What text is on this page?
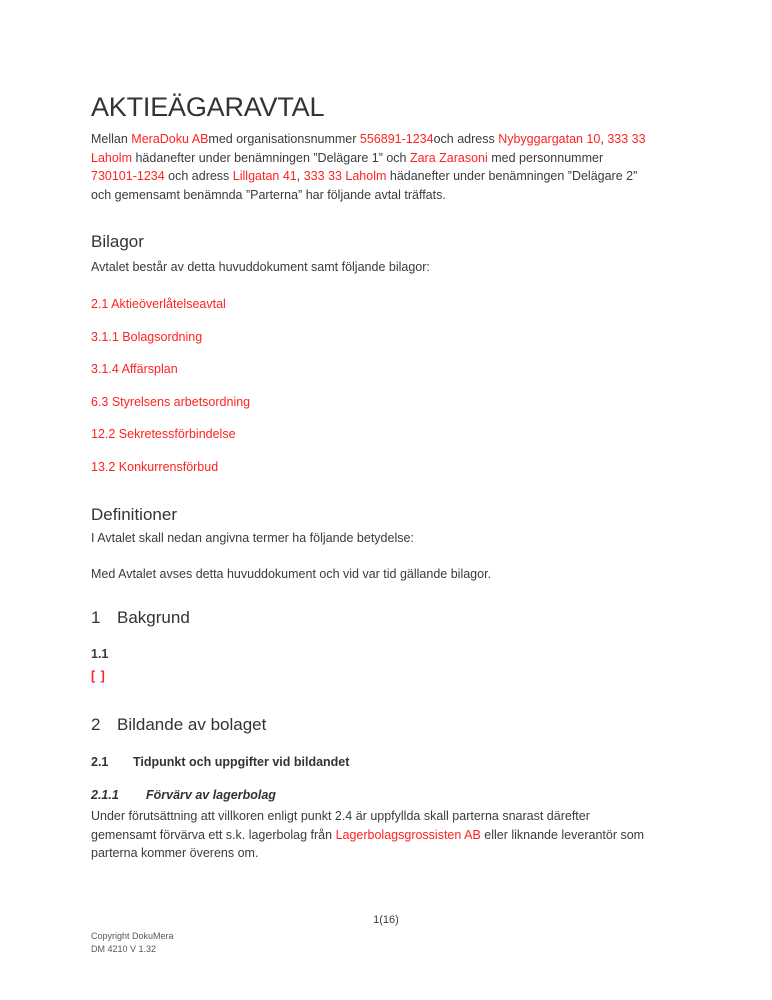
AKTIEÄGARAVTAL
Mellan MeraDoku ABmed organisationsnummer 556891-1234och adress Nybyggargatan 10, 333 33
Laholm hädanefter under benämningen ”Delägare 1” och Zara Zarasoni med personnummer
730101-1234 och adress Lillgatan 41, 333 33 Laholm hädanefter under benämningen ”Delägare 2”
och gemensamt benämnda ”Parterna” har följande avtal träffats.
Bilagor
Avtalet består av detta huvuddokument samt följande bilagor:
2.1 Aktieöverlåtelseavtal
3.1.1 Bolagsordning
3.1.4 Affärsplan
6.3 Styrelsens arbetsordning
12.2 Sekretessförbindelse
13.2 Konkurrensförbud
Definitioner
I Avtalet skall nedan angivna termer ha följande betydelse:
Med Avtalet avses detta huvuddokument och vid var tid gällande bilagor.
1 Bakgrund
1.1
[ ]
2 Bildande av bolaget
2.1 Tidpunkt och uppgifter vid bildandet
2.1.1 Förvärv av lagerbolag
Under förutsättning att villkoren enligt punkt 2.4 är uppfyllda skall parterna snarast därefter
gemensamt förvärva ett s.k. lagerbolag från Lagerbolagsgrossisten AB eller liknande leverantör som
parterna kommer överens om.
1(16)
Copyright DokuMera
DM 4210 V 1.32
